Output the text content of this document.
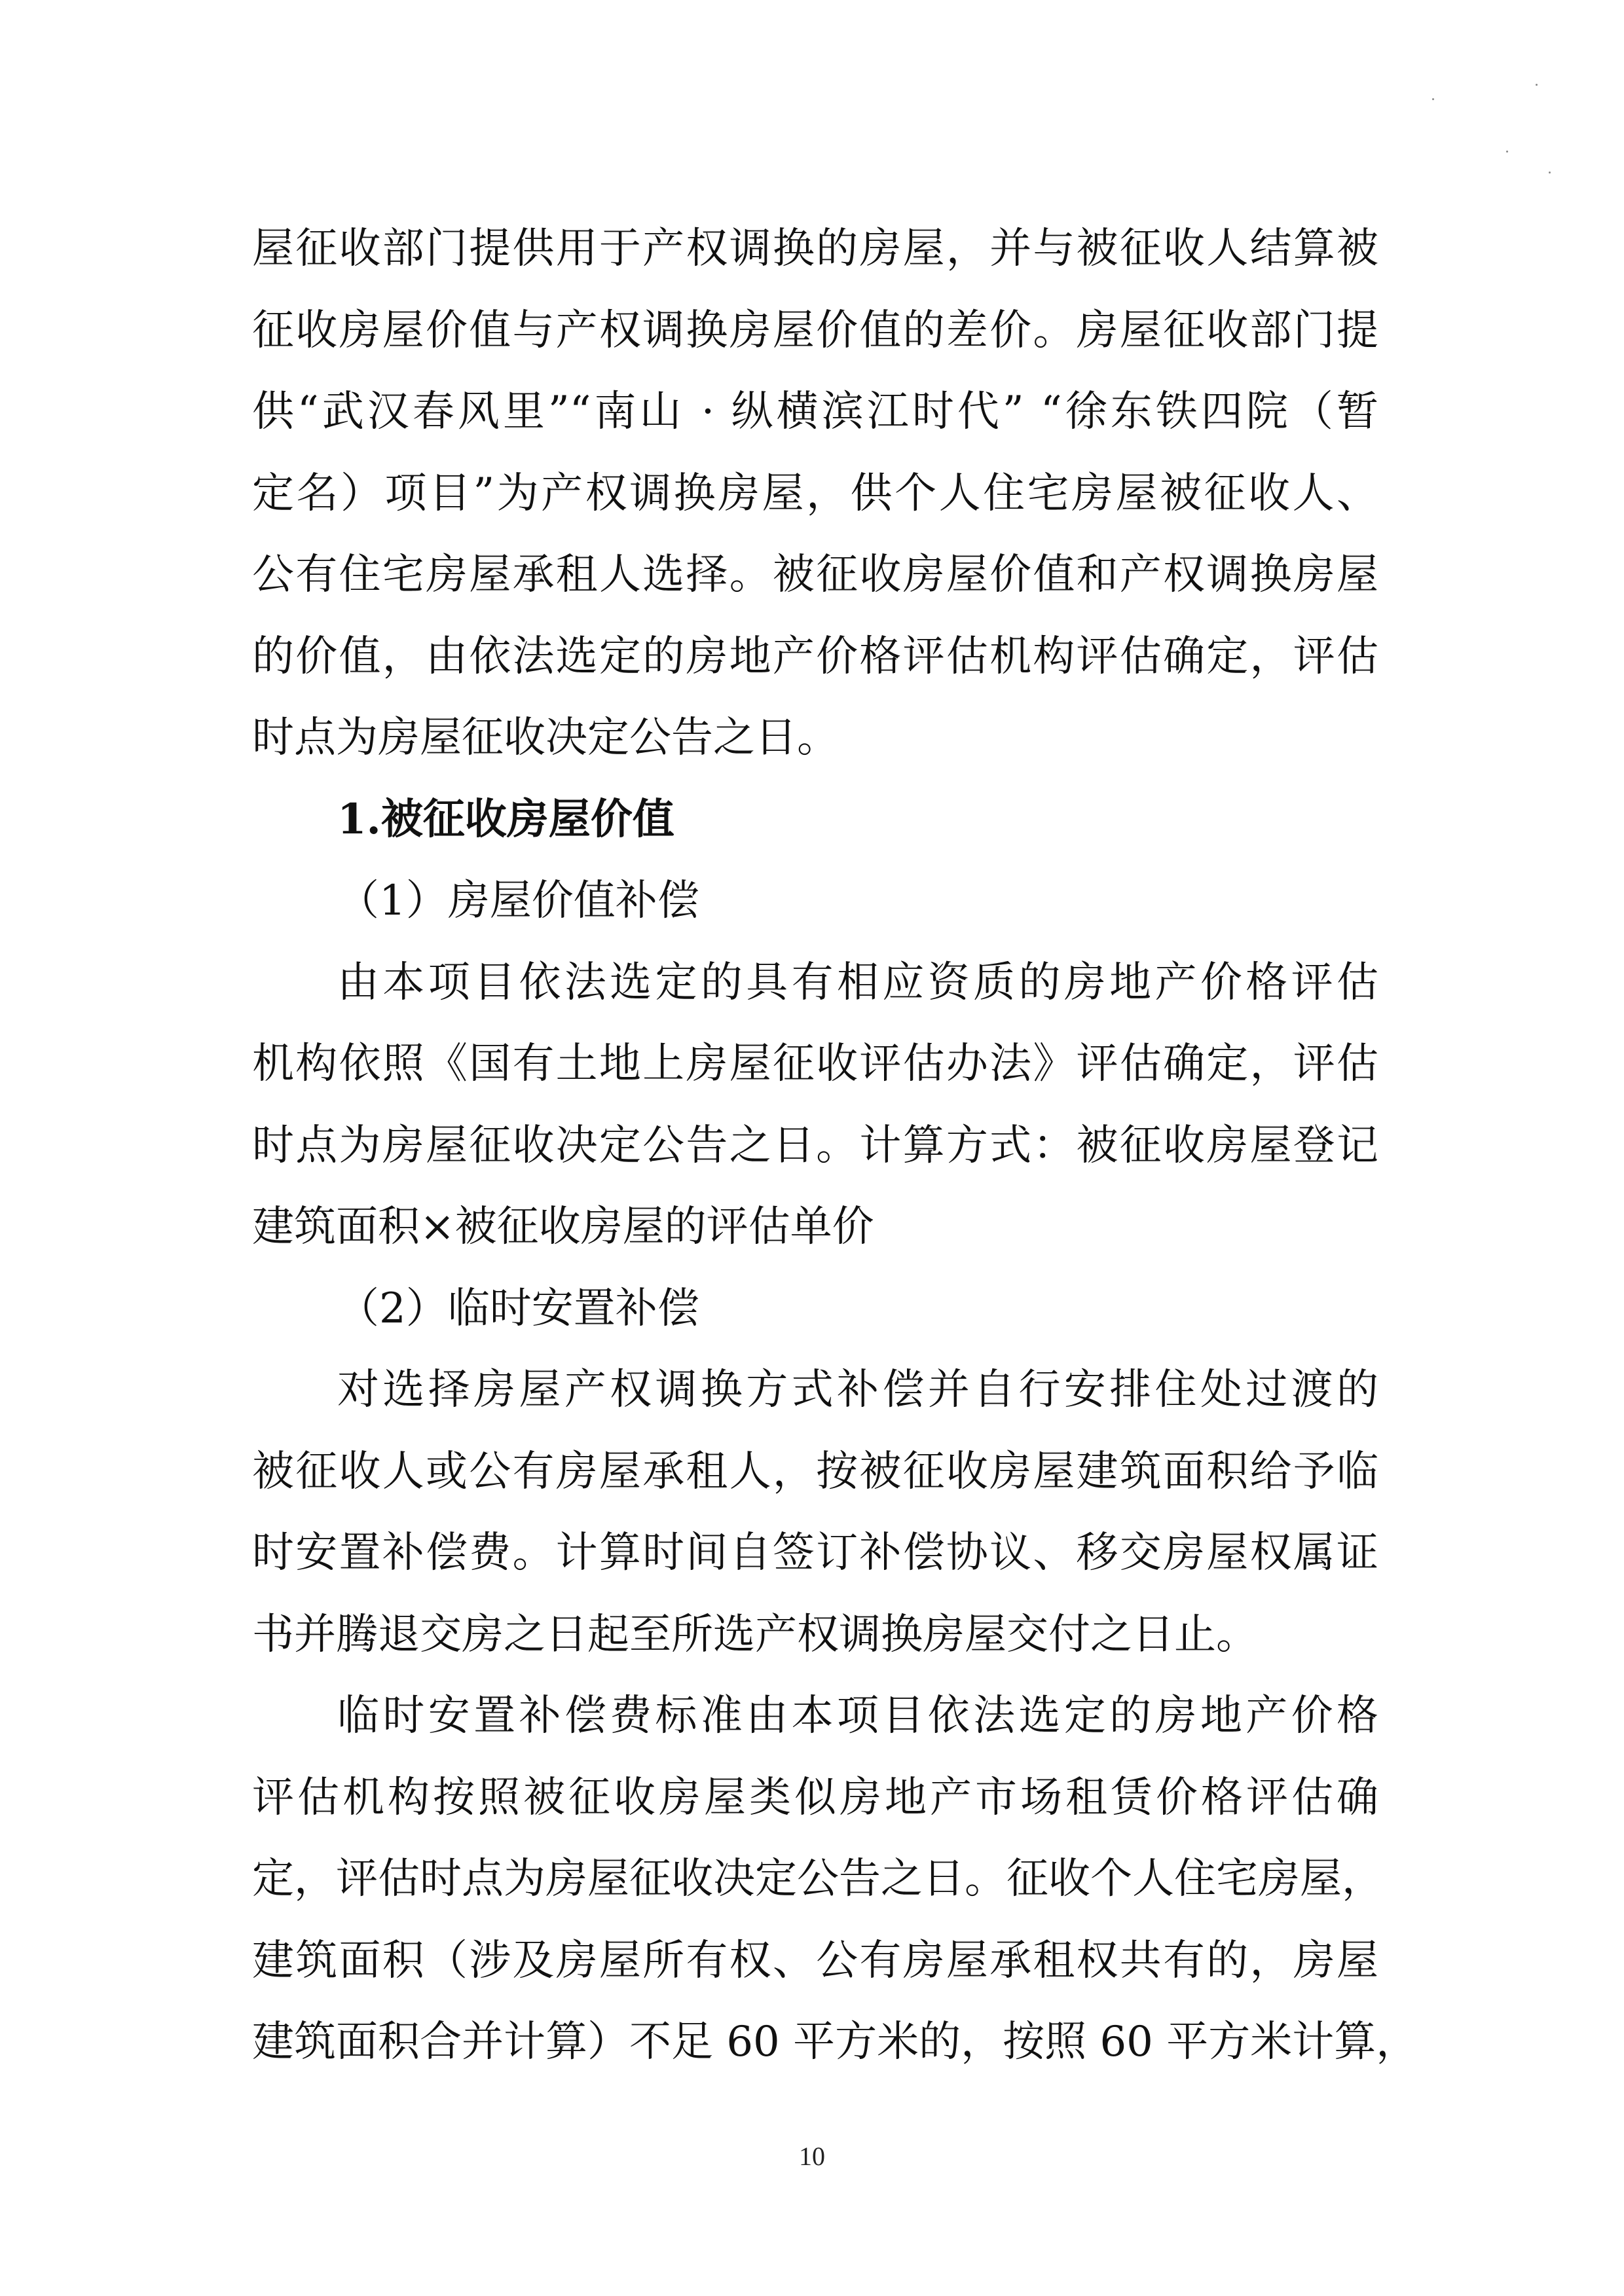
屋征收部门提供用于产权调换的房屋，并与被征收人结算被
征收房屋价值与产权调换房屋价值的差价。房屋征收部门提
供“武汉春风里”“南山 · 纵横滨江时代” “徐东铁四院（暂
定名）项目”为产权调换房屋，供个人住宅房屋被征收人、
公有住宅房屋承租人选择。被征收房屋价值和产权调换房屋
的价值，由依法选定的房地产价格评估机构评估确定，评估
时点为房屋征收决定公告之日。
1.被征收房屋价值
（1）房屋价值补偿
由本项目依法选定的具有相应资质的房地产价格评估
机构依照《国有土地上房屋征收评估办法》评估确定，评估
时点为房屋征收决定公告之日。计算方式：被征收房屋登记
建筑面积×被征收房屋的评估单价
（2）临时安置补偿
对选择房屋产权调换方式补偿并自行安排住处过渡的
被征收人或公有房屋承租人，按被征收房屋建筑面积给予临
时安置补偿费。计算时间自签订补偿协议、移交房屋权属证
书并腾退交房之日起至所选产权调换房屋交付之日止。
临时安置补偿费标准由本项目依法选定的房地产价格
评估机构按照被征收房屋类似房地产市场租赁价格评估确
定，评估时点为房屋征收决定公告之日。征收个人住宅房屋，
建筑面积（涉及房屋所有权、公有房屋承租权共有的，房屋
建筑面积合并计算）不足 60 平方米的，按照 60 平方米计算，
10
